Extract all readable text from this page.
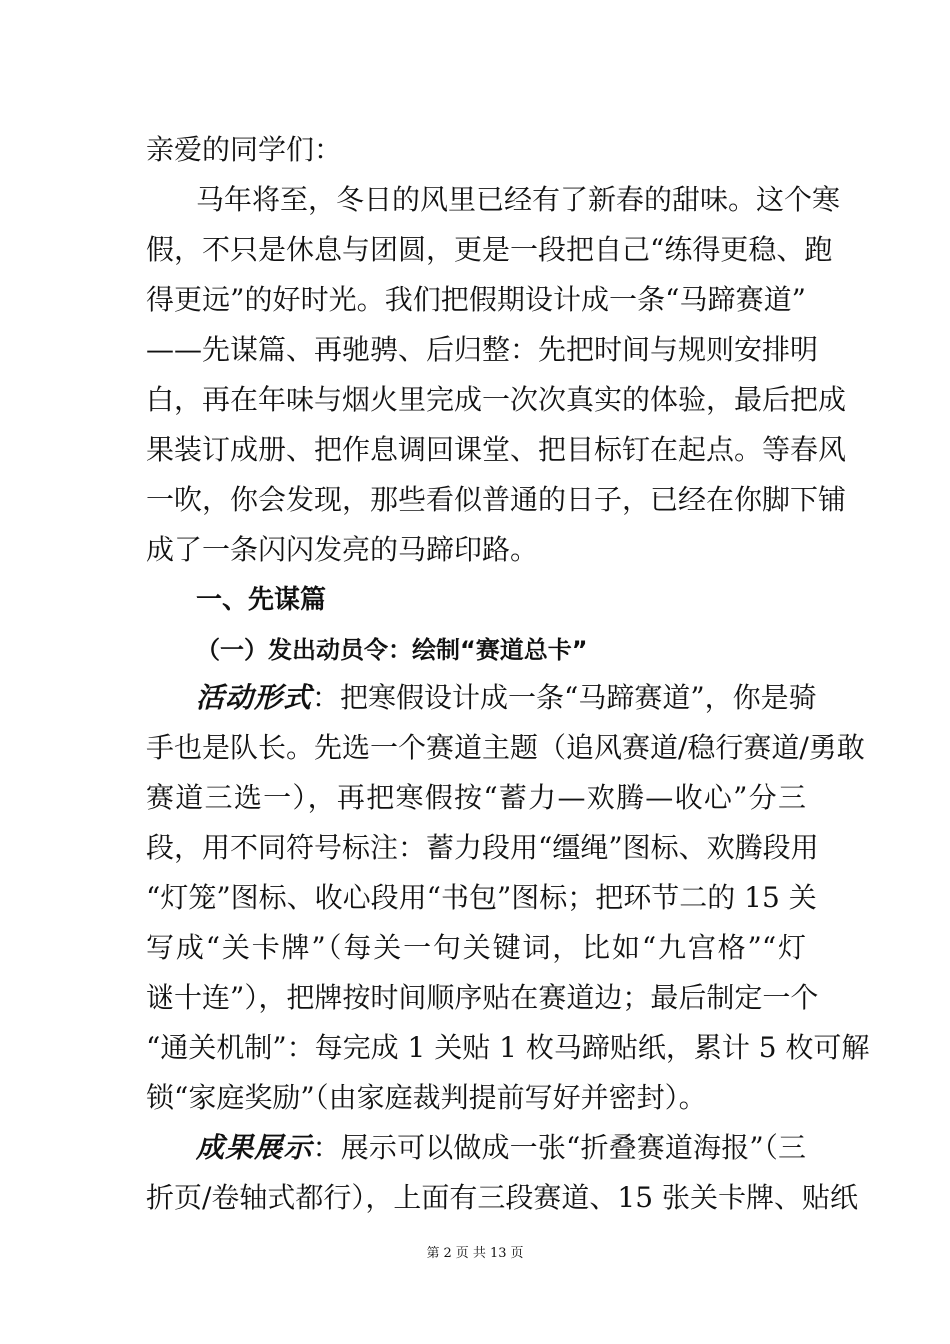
亲爱的同学们：
马年将至，冬日的风里已经有了新春的甜味。这个寒
假，不只是休息与团圆，更是一段把自己“练得更稳、跑
得更远”的好时光。我们把假期设计成一条“马蹄赛道”
——先谋篇、再驰骋、后归整：先把时间与规则安排明
白，再在年味与烟火里完成一次次真实的体验，最后把成
果装订成册、把作息调回课堂、把目标钉在起点。等春风
一吹，你会发现，那些看似普通的日子，已经在你脚下铺
成了一条闪闪发亮的马蹄印路。
一、先谋篇
（一）发出动员令：绘制“赛道总卡”
活动形式：把寒假设计成一条“马蹄赛道”，你是骑
手也是队长。先选一个赛道主题（追风赛道/稳行赛道/勇敢
赛道三选一），再把寒假按“蓄力—欢腾—收心”分三
段，用不同符号标注：蓄力段用“缰绳”图标、欢腾段用
“灯笼”图标、收心段用“书包”图标；把环节二的 15 关
写成“关卡牌”（每关一句关键词，比如“九宫格”“灯
谜十连”），把牌按时间顺序贴在赛道边；最后制定一个
“通关机制”：每完成 1 关贴 1 枚马蹄贴纸，累计 5 枚可解
锁“家庭奖励”（由家庭裁判提前写好并密封）。
成果展示：展示可以做成一张“折叠赛道海报”（三
折页/卷轴式都行），上面有三段赛道、15 张关卡牌、贴纸
第 2 页 共 13 页
